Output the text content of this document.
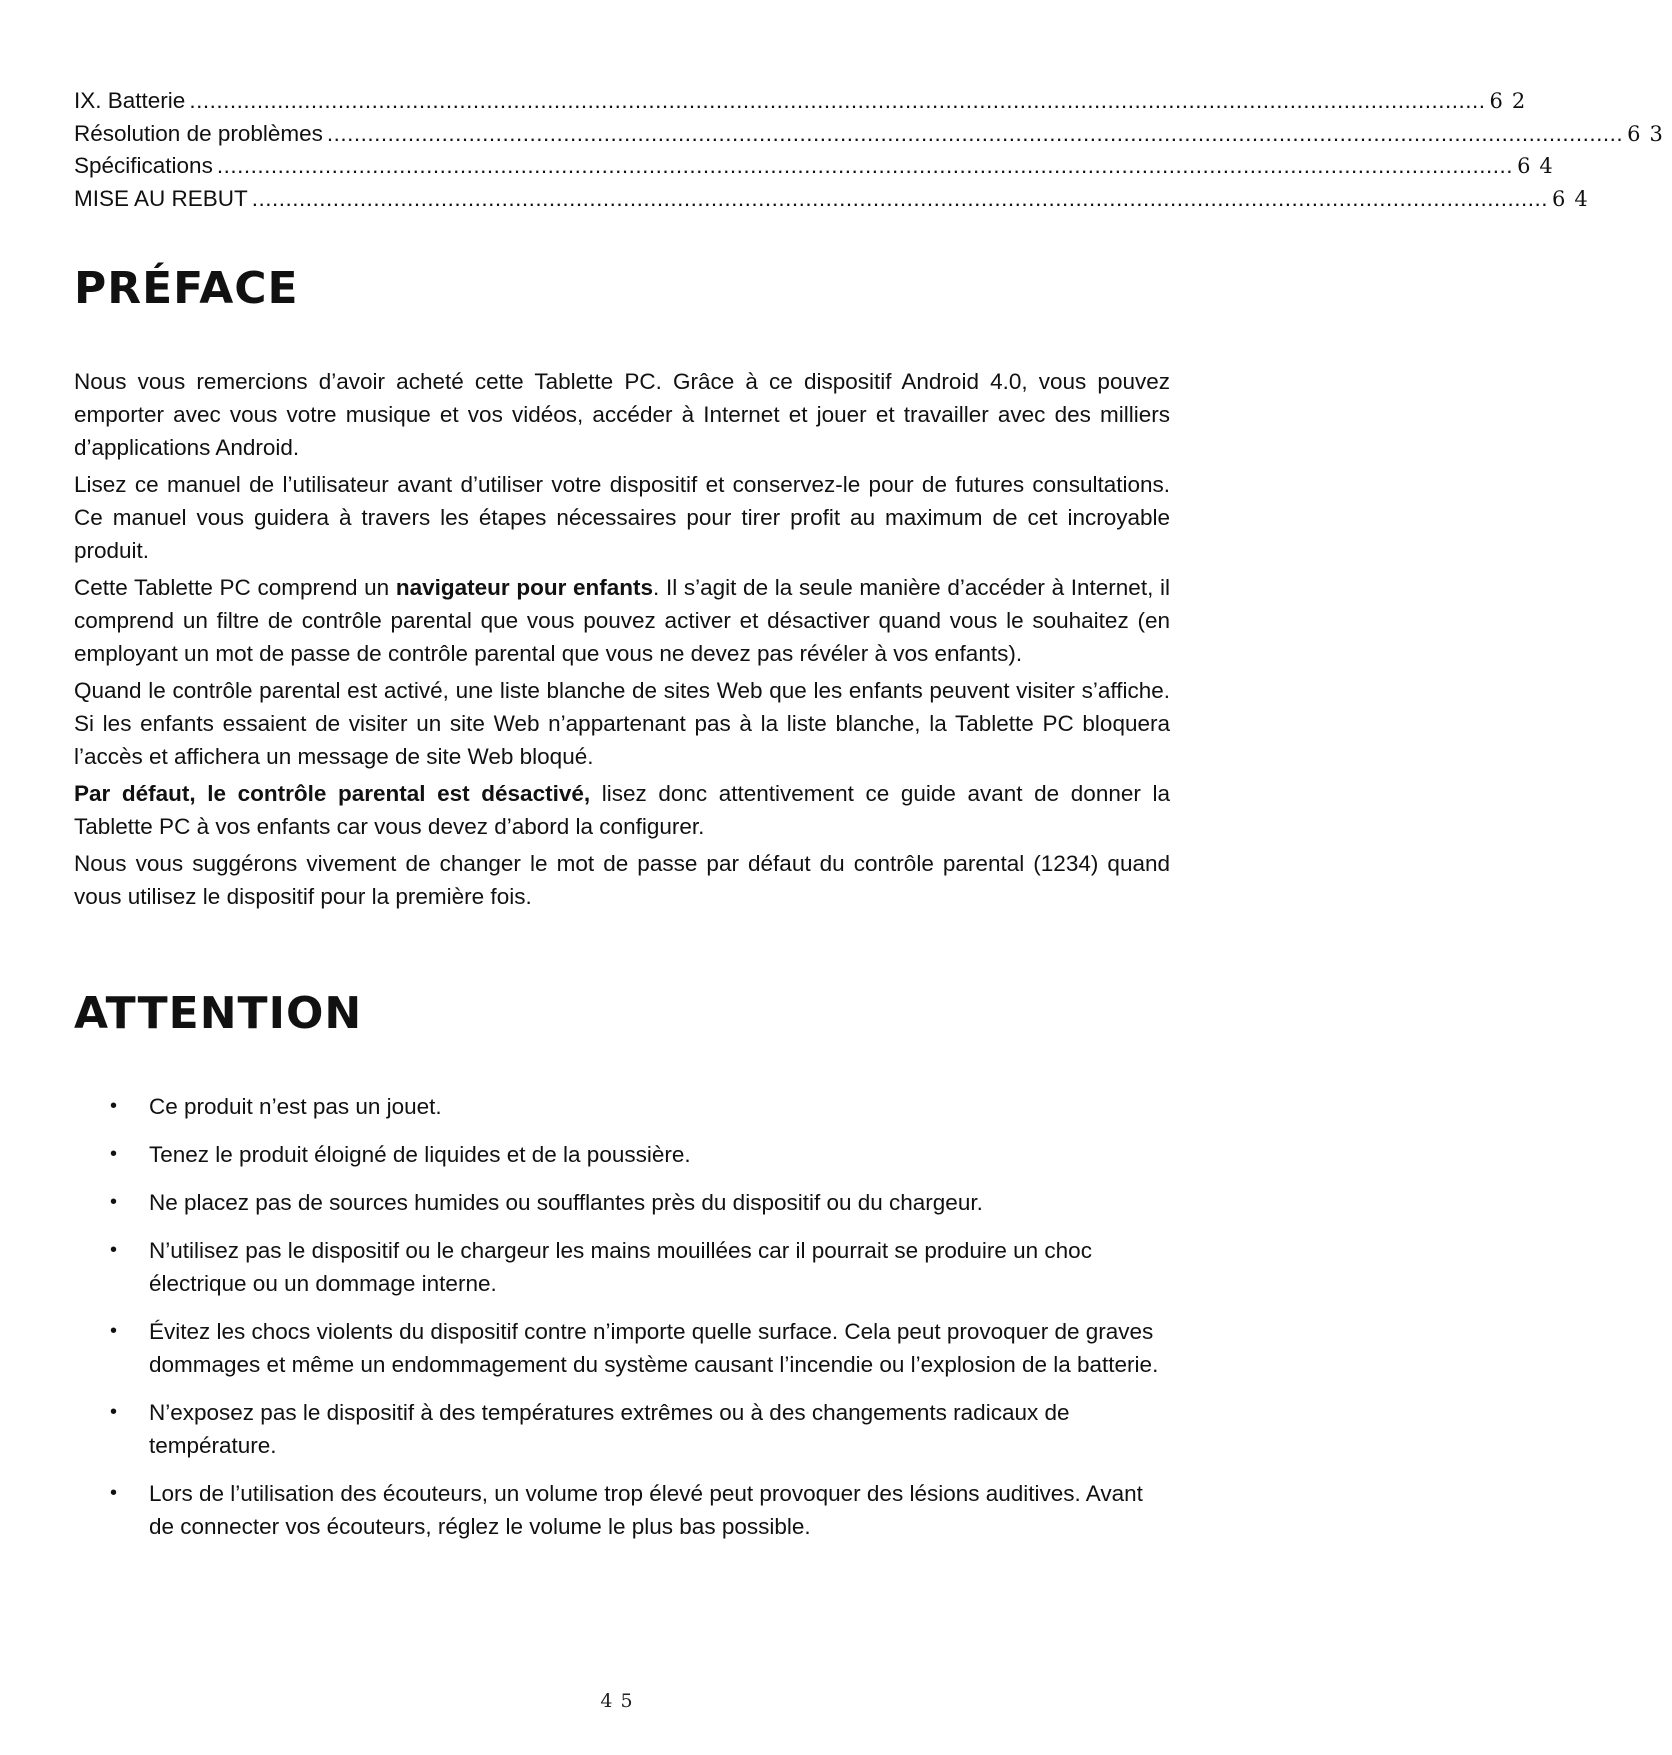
IX. Batterie ................................................................................................................................................................................................ 62
Résolution de problèmes ................................................................................................................................................................................................ 63
Spécifications ................................................................................................................................................................................................ 64
MISE AU REBUT ................................................................................................................................................................................................ 64
PRÉFACE

Nous vous remercions d’avoir acheté cette Tablette PC. Grâce à ce dispositif Android 4.0, vous pouvez emporter avec vous votre musique et vos vidéos, accéder à Internet et jouer et travailler avec des milliers d’applications Android.

Lisez ce manuel de l’utilisateur avant d’utiliser votre dispositif et conservez-le pour de futures consultations. Ce manuel vous guidera à travers les étapes nécessaires pour tirer profit au maximum de cet incroyable produit.

Cette Tablette PC comprend un navigateur pour enfants. Il s’agit de la seule manière d’accéder à Internet, il comprend un filtre de contrôle parental que vous pouvez activer et désactiver quand vous le souhaitez (en employant un mot de passe de contrôle parental que vous ne devez pas révéler à vos enfants).

Quand le contrôle parental est activé, une liste blanche de sites Web que les enfants peuvent visiter s’affiche. Si les enfants essaient de visiter un site Web n’appartenant pas à la liste blanche, la Tablette PC bloquera l’accès et affichera un message de site Web bloqué.

Par défaut, le contrôle parental est désactivé, lisez donc attentivement ce guide avant de donner la Tablette PC à vos enfants car vous devez d’abord la configurer.

Nous vous suggérons vivement de changer le mot de passe par défaut du contrôle parental (1234) quand vous utilisez le dispositif pour la première fois.

ATTENTION
• Ce produit n’est pas un jouet.
• Tenez le produit éloigné de liquides et de la poussière.
• Ne placez pas de sources humides ou soufflantes près du dispositif ou du chargeur.
• N’utilisez pas le dispositif ou le chargeur les mains mouillées car il pourrait se produire un choc électrique ou un dommage interne.
• Évitez les chocs violents du dispositif contre n’importe quelle surface. Cela peut provoquer de graves dommages et même un endommagement du système causant l’incendie ou l’explosion de la batterie.
• N’exposez pas le dispositif à des températures extrêmes ou à des changements radicaux de température.
• Lors de l’utilisation des écouteurs, un volume trop élevé peut provoquer des lésions auditives. Avant de connecter vos écouteurs, réglez le volume le plus bas possible.
45
